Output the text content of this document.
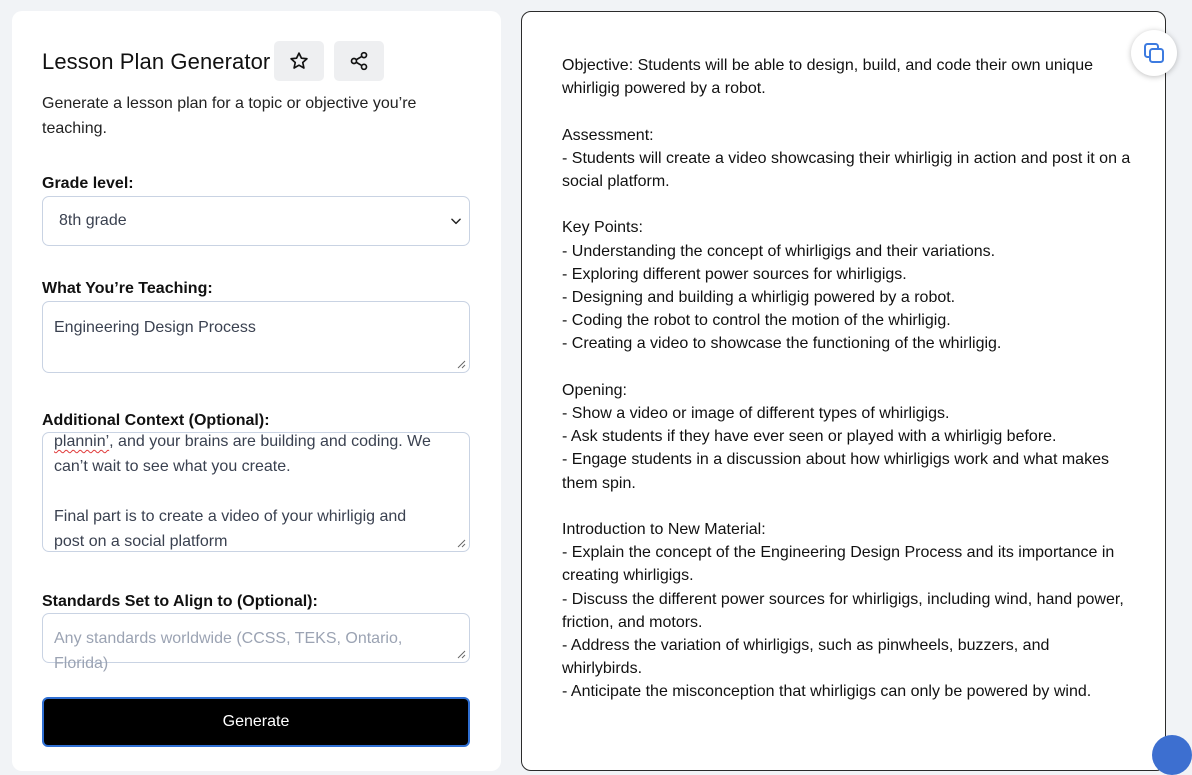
Lesson Plan Generator
Generate a lesson plan for a topic or objective you’re teaching.
Grade level:
8th grade
What You’re Teaching:
Engineering Design Process
Additional Context (Optional):
plannin’, and your brains are building and coding. We
can’t wait to see what you create.
Final part is to create a video of your whirligig and
post on a social platform
Standards Set to Align to (Optional):
Any standards worldwide (CCSS, TEKS, Ontario, Florida)
Generate
Objective: Students will be able to design, build, and code their own unique whirligig powered by a robot.

Assessment:
- Students will create a video showcasing their whirligig in action and post it on a social platform.

Key Points:
- Understanding the concept of whirligigs and their variations.
- Exploring different power sources for whirligigs.
- Designing and building a whirligig powered by a robot.
- Coding the robot to control the motion of the whirligig.
- Creating a video to showcase the functioning of the whirligig.

Opening:
- Show a video or image of different types of whirligigs.
- Ask students if they have ever seen or played with a whirligig before.
- Engage students in a discussion about how whirligigs work and what makes them spin.

Introduction to New Material:
- Explain the concept of the Engineering Design Process and its importance in creating whirligigs.
- Discuss the different power sources for whirligigs, including wind, hand power, friction, and motors.
- Address the variation of whirligigs, such as pinwheels, buzzers, and whirlybirds.
- Anticipate the misconception that whirligigs can only be powered by wind.
